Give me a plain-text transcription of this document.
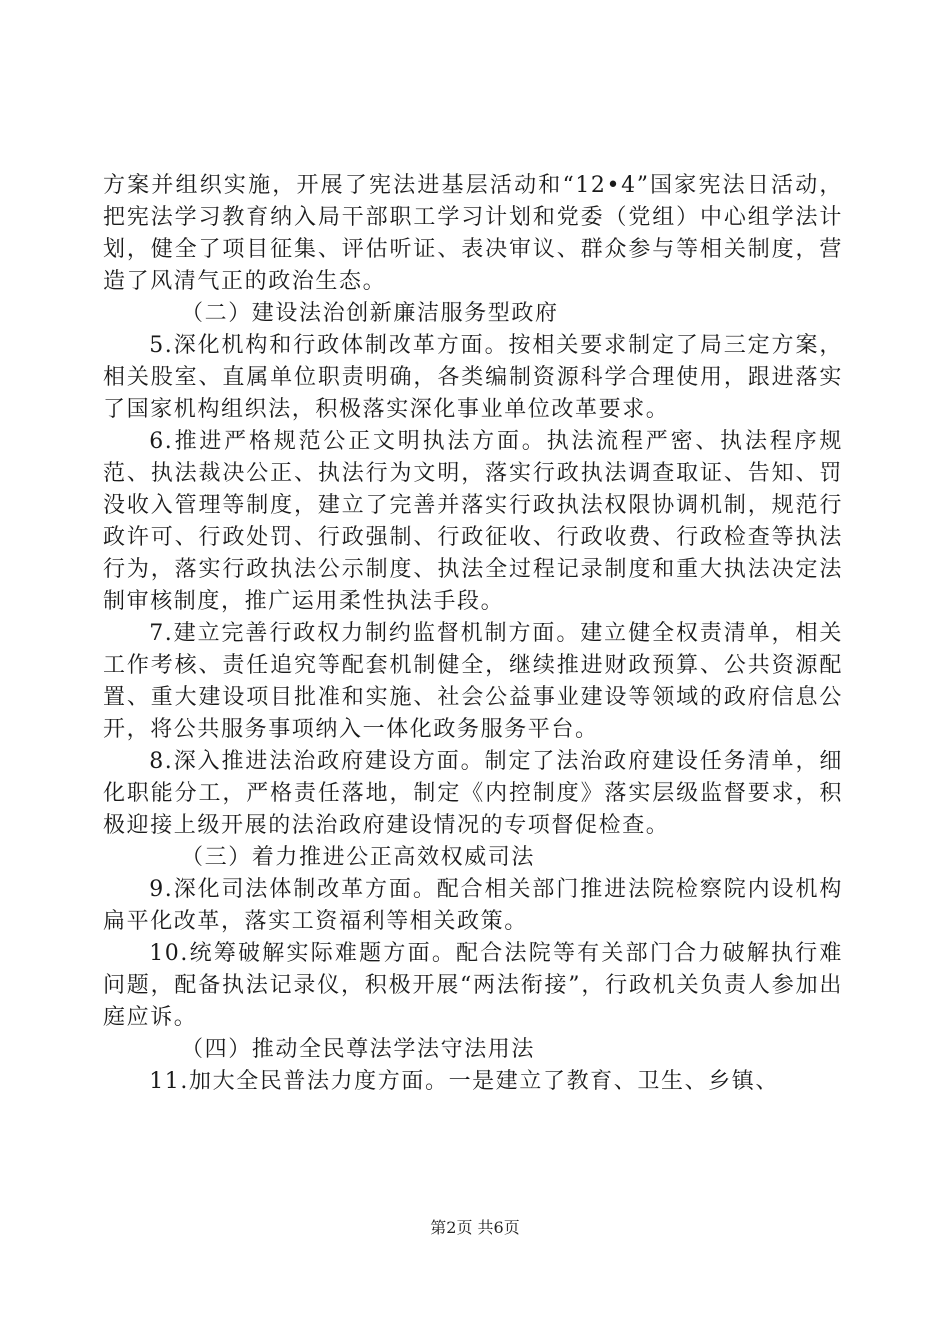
方案并组织实施，开展了宪法进基层活动和“12•4”国家宪法日活动，把宪法学习教育纳入局干部职工学习计划和党委（党组）中心组学法计划，健全了项目征集、评估听证、表决审议、群众参与等相关制度，营造了风清气正的政治生态。

（二）建设法治创新廉洁服务型政府

5.深化机构和行政体制改革方面。按相关要求制定了局三定方案，相关股室、直属单位职责明确，各类编制资源科学合理使用，跟进落实了国家机构组织法，积极落实深化事业单位改革要求。

6.推进严格规范公正文明执法方面。执法流程严密、执法程序规范、执法裁决公正、执法行为文明，落实行政执法调查取证、告知、罚没收入管理等制度，建立了完善并落实行政执法权限协调机制，规范行政许可、行政处罚、行政强制、行政征收、行政收费、行政检查等执法行为，落实行政执法公示制度、执法全过程记录制度和重大执法决定法制审核制度，推广运用柔性执法手段。

7.建立完善行政权力制约监督机制方面。建立健全权责清单，相关工作考核、责任追究等配套机制健全，继续推进财政预算、公共资源配置、重大建设项目批准和实施、社会公益事业建设等领域的政府信息公开，将公共服务事项纳入一体化政务服务平台。

8.深入推进法治政府建设方面。制定了法治政府建设任务清单，细化职能分工，严格责任落地，制定《内控制度》落实层级监督要求，积极迎接上级开展的法治政府建设情况的专项督促检查。

（三）着力推进公正高效权威司法

9.深化司法体制改革方面。配合相关部门推进法院检察院内设机构扁平化改革，落实工资福利等相关政策。

10.统筹破解实际难题方面。配合法院等有关部门合力破解执行难问题，配备执法记录仪，积极开展“两法衔接”，行政机关负责人参加出庭应诉。

（四）推动全民尊法学法守法用法

11.加大全民普法力度方面。一是建立了教育、卫生、乡镇、

第2页 共6页
